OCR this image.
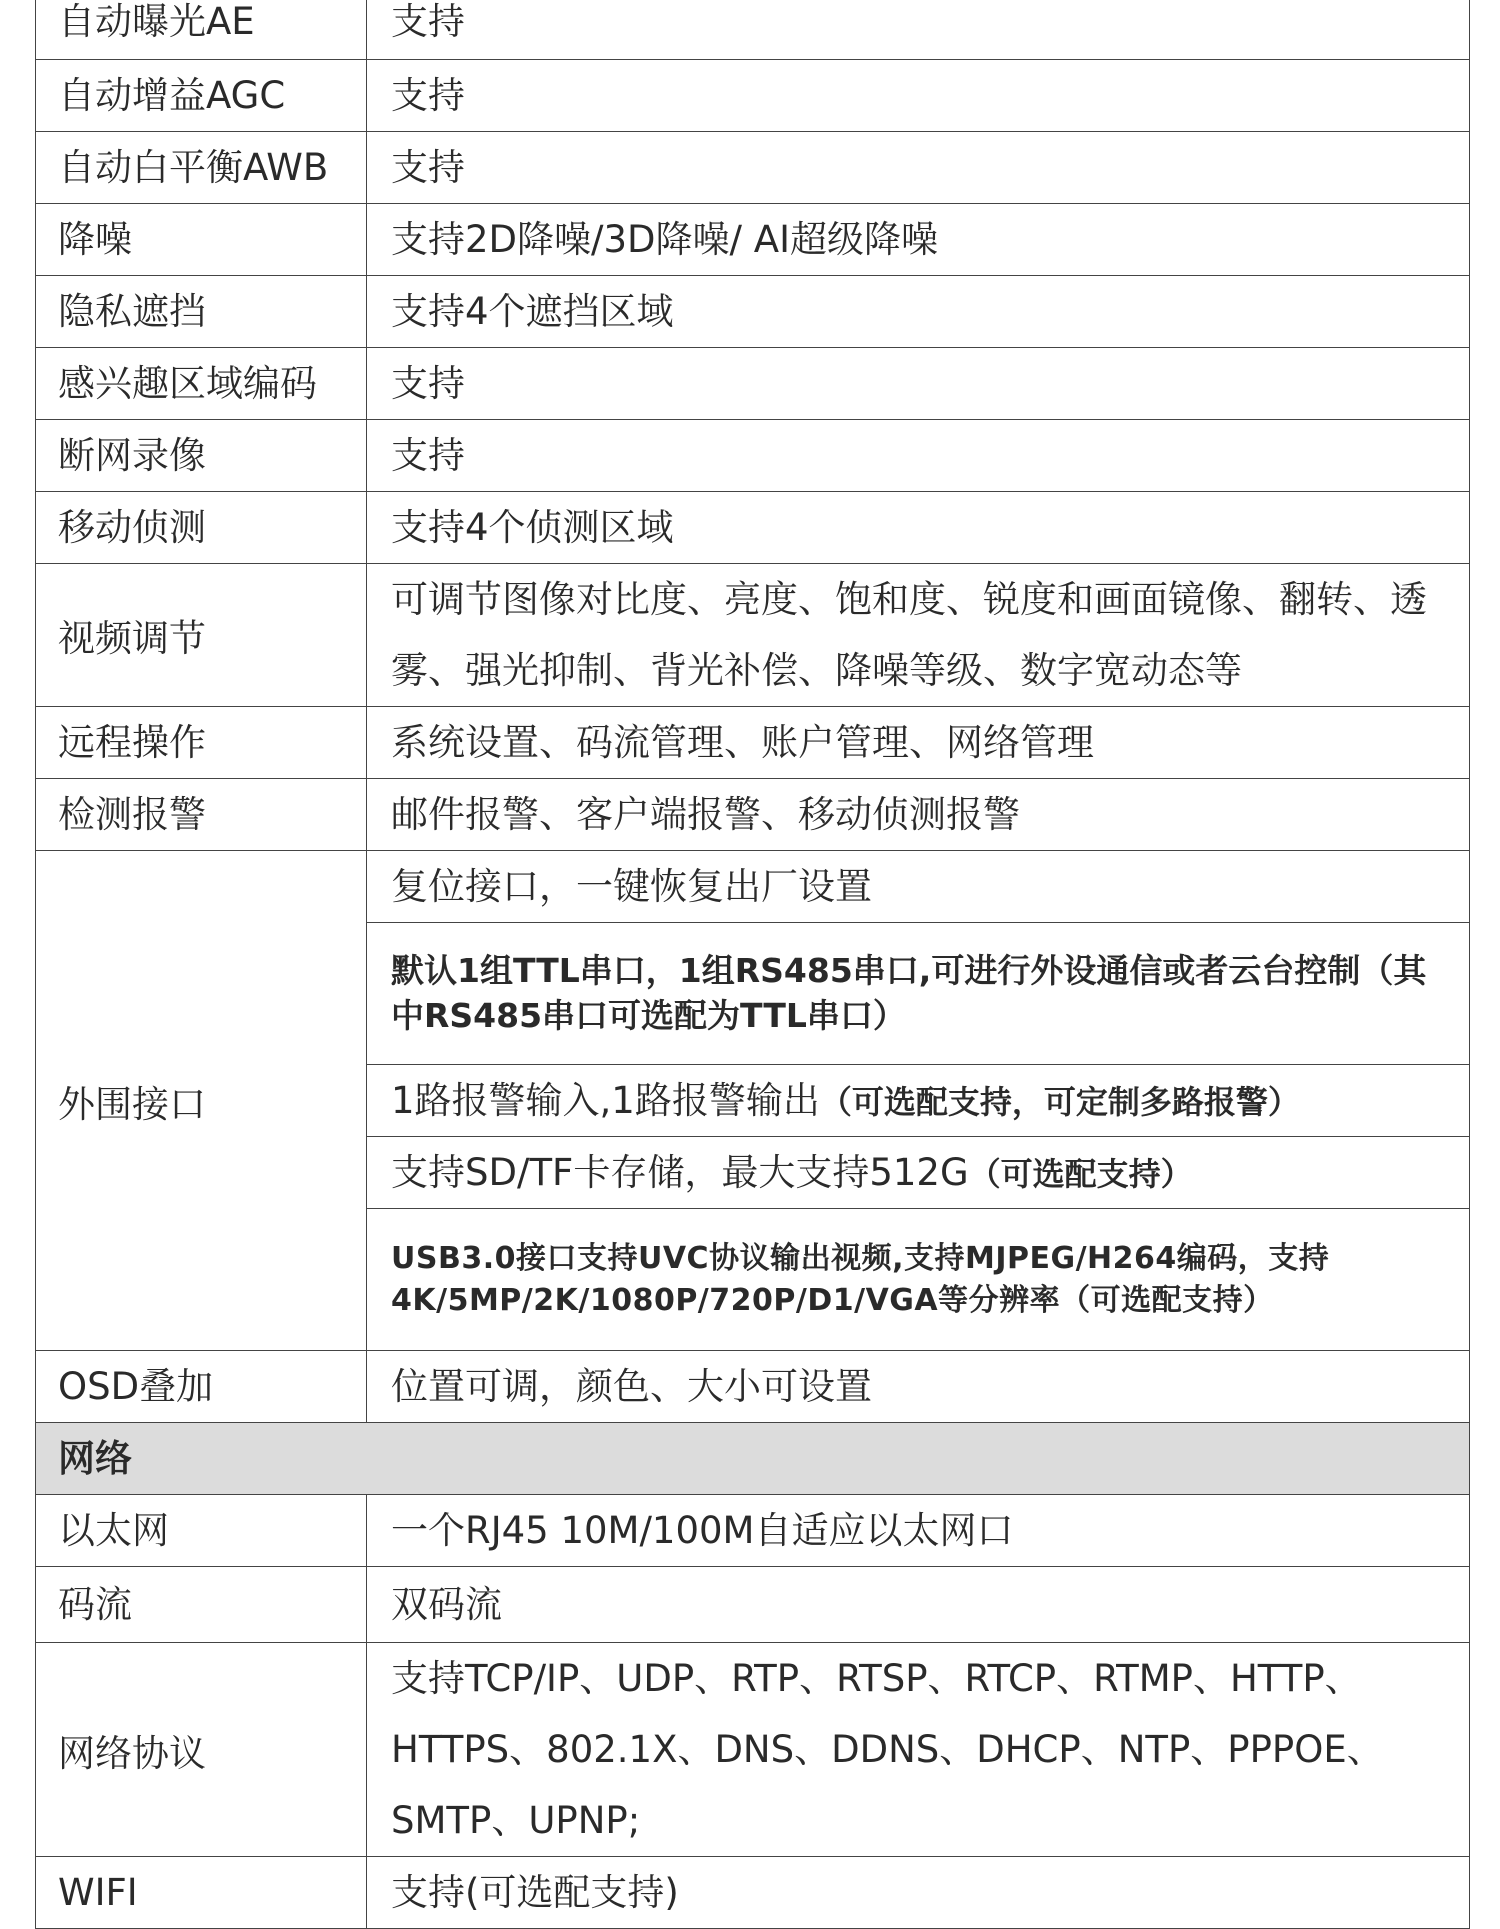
自动曝光AE	支持
自动增益AGC	支持
自动白平衡AWB	支持
降噪	支持2D降噪/3D降噪/ AI超级降噪
隐私遮挡	支持4个遮挡区域
感兴趣区域编码	支持
断网录像	支持
移动侦测	支持4个侦测区域
视频调节	可调节图像对比度、亮度、饱和度、锐度和画面镜像、翻转、透雾、强光抑制、背光补偿、降噪等级、数字宽动态等
远程操作	系统设置、码流管理、账户管理、网络管理
检测报警	邮件报警、客户端报警、移动侦测报警
外围接口	复位接口，一键恢复出厂设置

	默认1组TTL串口，1组RS485串口,可进行外设通信或者云台控制（其中RS485串口可选配为TTL串口）

	1路报警输入,1路报警输出（可选配支持，可定制多路报警）
	支持SD/TF卡存储，最大支持512G（可选配支持）

	USB3.0接口支持UVC协议输出视频,支持MJPEG/H264编码，支持4K/5MP/2K/1080P/720P/D1/VGA等分辨率（可选配支持）

OSD叠加	位置可调，颜色、大小可设置
网络	
以太网	一个RJ45 10M/100M自适应以太网口
码流	双码流
网络协议	支持TCP/IP、UDP、RTP、RTSP、RTCP、RTMP、HTTP、HTTPS、802.1X、DNS、DDNS、DHCP、NTP、PPPOE、SMTP、UPNP;
WIFI	支持(可选配支持)
